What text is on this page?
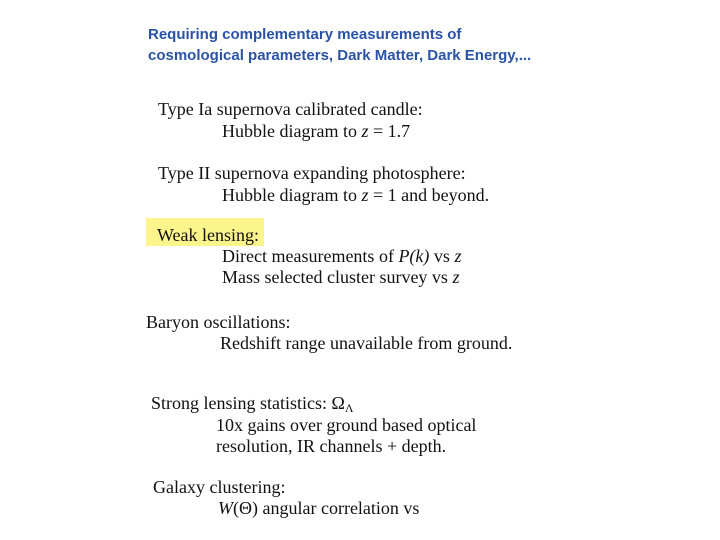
Requiring complementary measurements of
cosmological parameters, Dark Matter, Dark Energy,...
Type Ia supernova calibrated candle:
Hubble diagram to z = 1.7
Type II supernova expanding photosphere:
Hubble diagram to z = 1 and beyond.
Weak lensing:
Direct measurements of P(k) vs z
Mass selected cluster survey vs z
Baryon oscillations:
Redshift range unavailable from ground.
Strong lensing statistics: $\Omega_\Lambda$
10x gains over ground based optical
resolution, IR channels + depth.
Galaxy clustering:
W(Θ) angular correlation vs
